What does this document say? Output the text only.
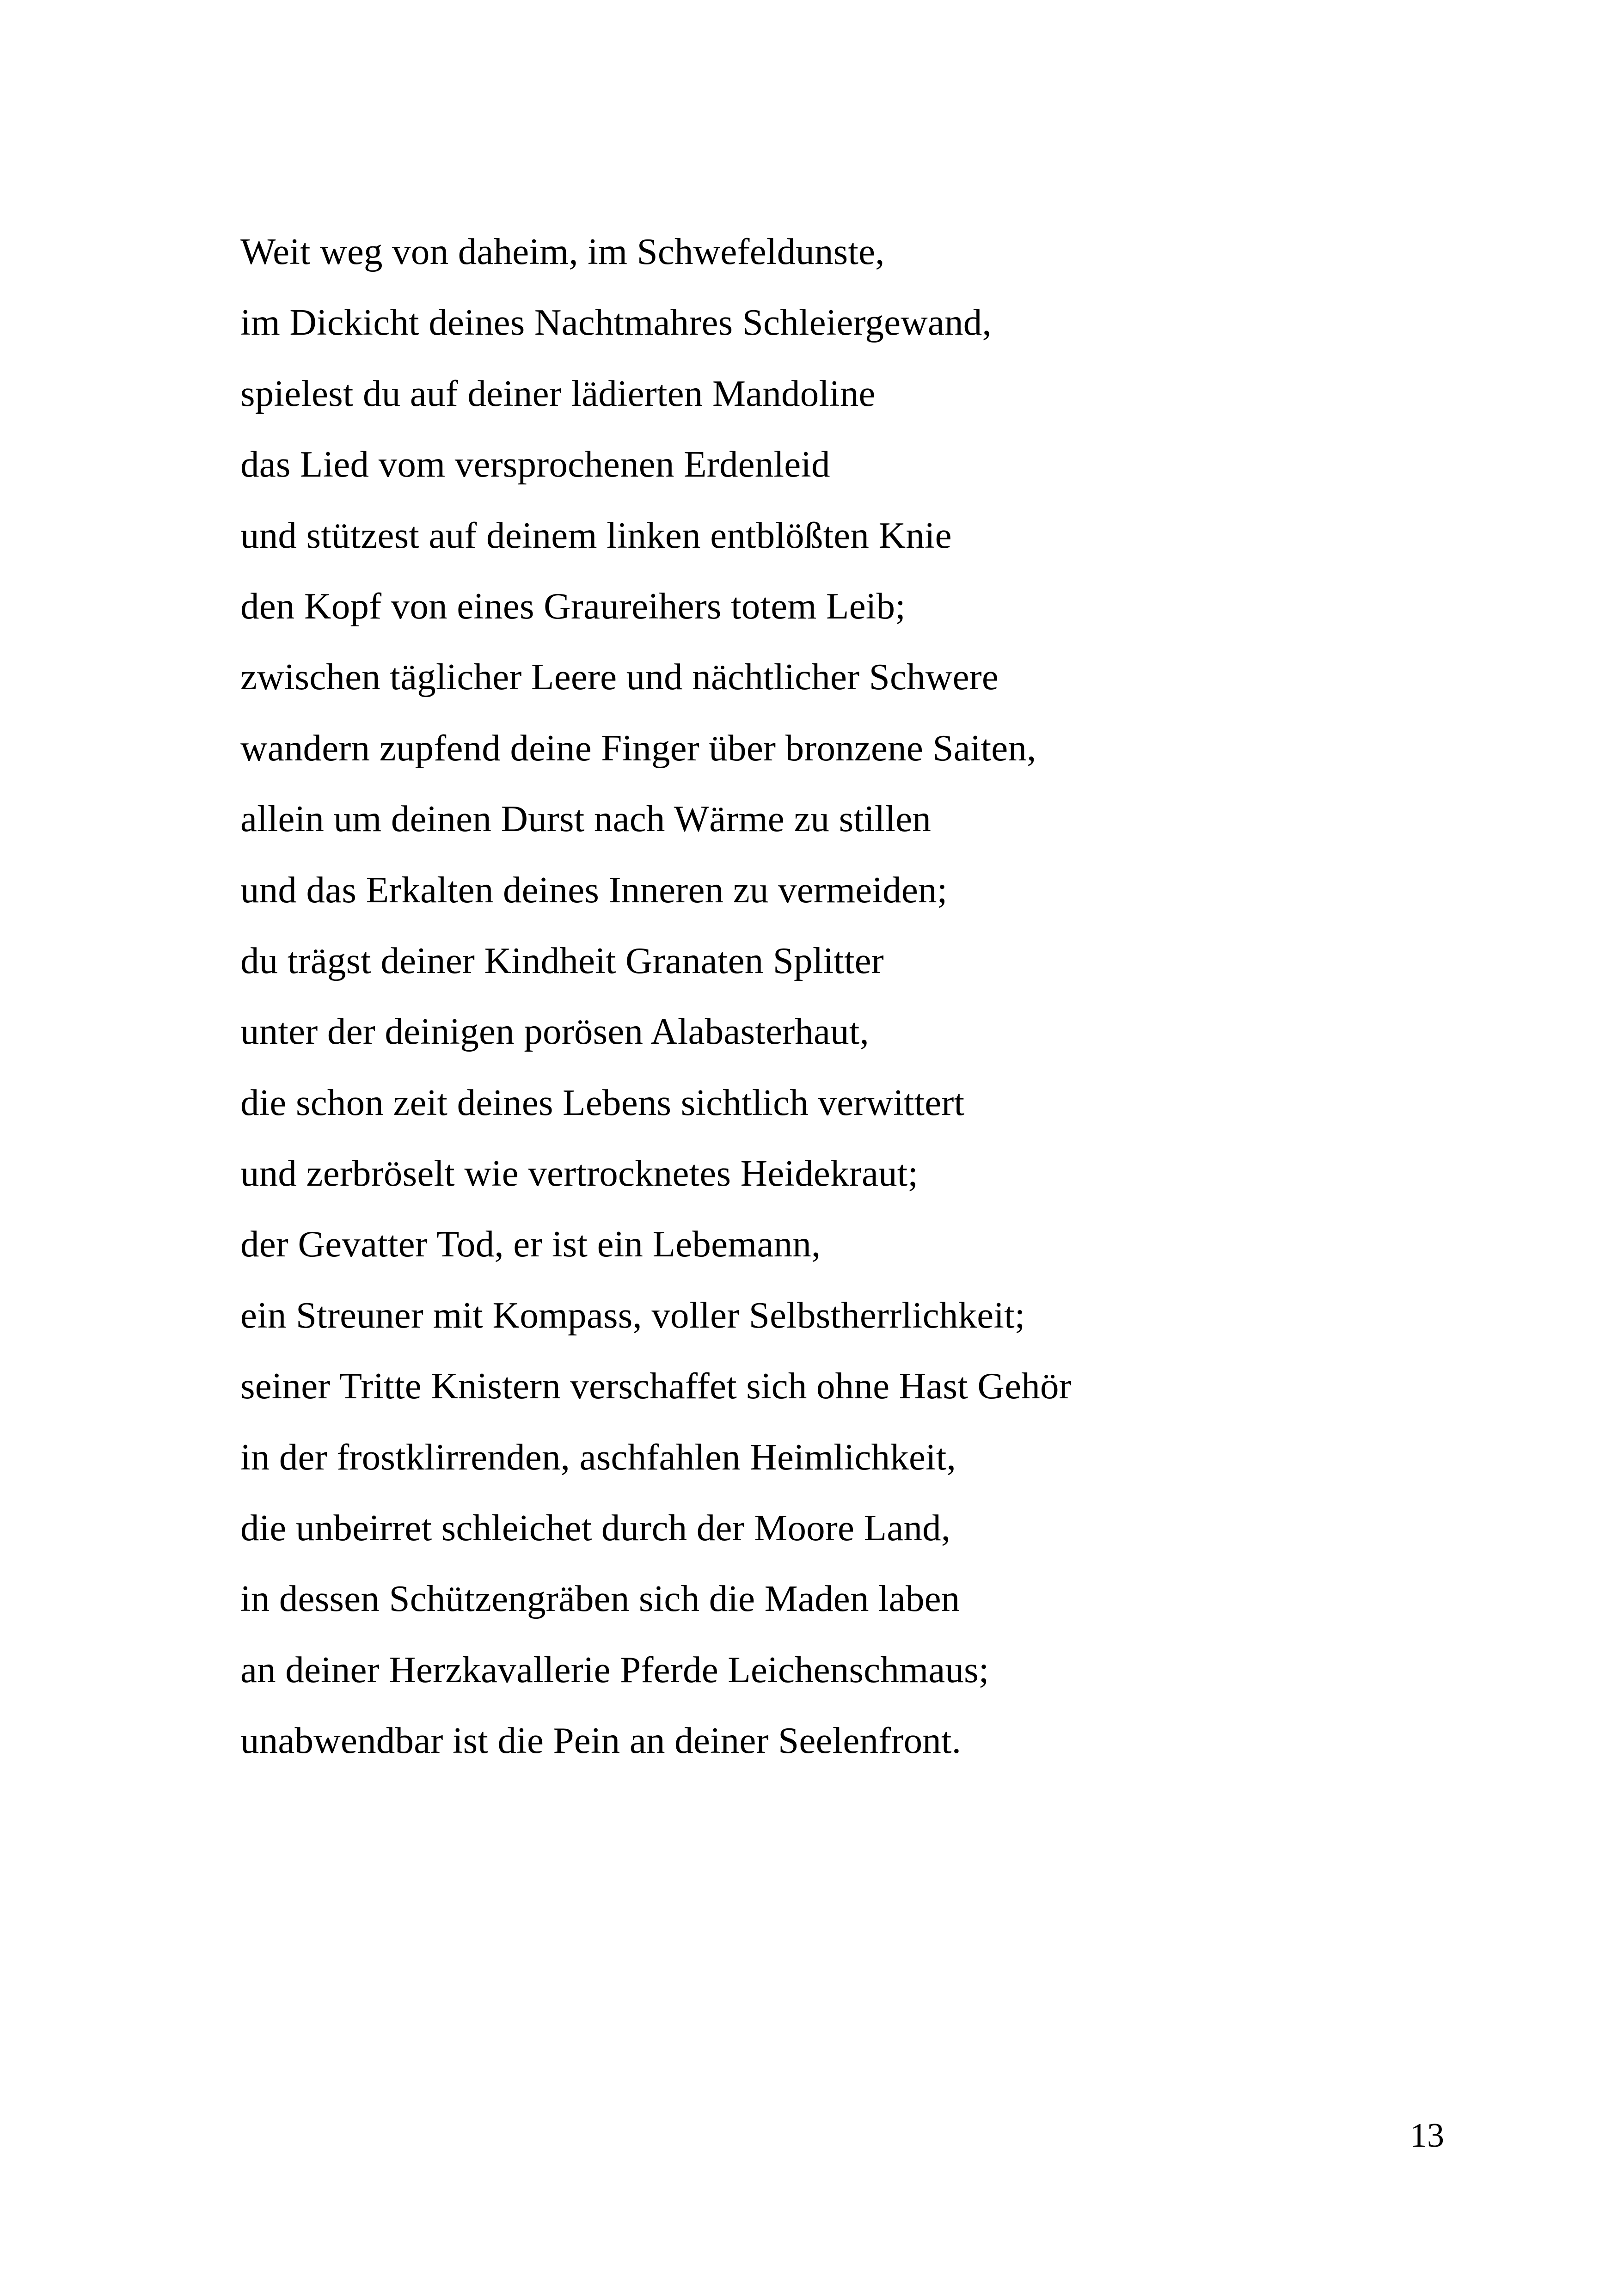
Weit weg von daheim, im Schwefeldunste,
im Dickicht deines Nachtmahres Schleiergewand,
spielest du auf deiner lädierten Mandoline
das Lied vom versprochenen Erdenleid
und stützest auf deinem linken entblößten Knie
den Kopf von eines Graureihers totem Leib;
zwischen täglicher Leere und nächtlicher Schwere
wandern zupfend deine Finger über bronzene Saiten,
allein um deinen Durst nach Wärme zu stillen
und das Erkalten deines Inneren zu vermeiden;
du trägst deiner Kindheit Granaten Splitter
unter der deinigen porösen Alabasterhaut,
die schon zeit deines Lebens sichtlich verwittert
und zerbröselt wie vertrocknetes Heidekraut;
der Gevatter Tod, er ist ein Lebemann,
ein Streuner mit Kompass, voller Selbstherrlichkeit;
seiner Tritte Knistern verschaffet sich ohne Hast Gehör
in der frostklirrenden, aschfahlen Heimlichkeit,
die unbeirret schleichet durch der Moore Land,
in dessen Schützengräben sich die Maden laben
an deiner Herzkavallerie Pferde Leichenschmaus;
unabwendbar ist die Pein an deiner Seelenfront.
13
